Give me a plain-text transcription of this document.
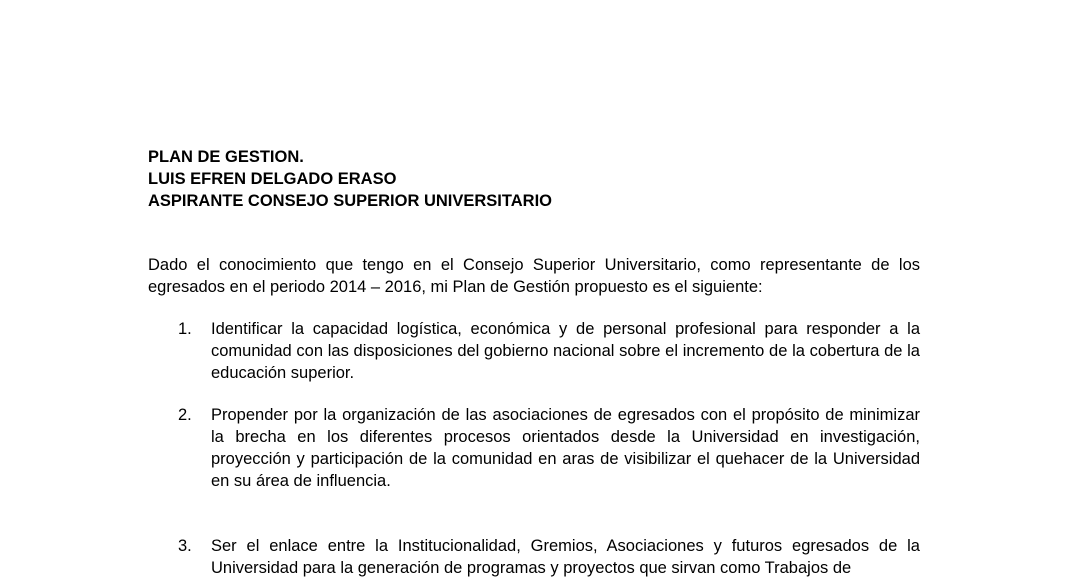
PLAN DE GESTION.
LUIS EFREN DELGADO ERASO
ASPIRANTE CONSEJO SUPERIOR UNIVERSITARIO

Dado el conocimiento que tengo en el Consejo Superior Universitario, como representante de los egresados en el periodo 2014 – 2016, mi Plan de Gestión propuesto es el siguiente:

1.	Identificar la capacidad logística, económica y de personal profesional para responder a la comunidad con las disposiciones del gobierno nacional sobre el incremento de la cobertura de la educación superior.
2.	Propender por la organización de las asociaciones de egresados con el propósito de minimizar la brecha en los diferentes procesos orientados desde la Universidad en investigación, proyección y participación de la comunidad en aras de visibilizar el quehacer de la Universidad en su área de influencia.
3.	Ser el enlace entre la Institucionalidad, Gremios, Asociaciones y futuros egresados de la Universidad para la generación de programas y proyectos que sirvan como Trabajos de
